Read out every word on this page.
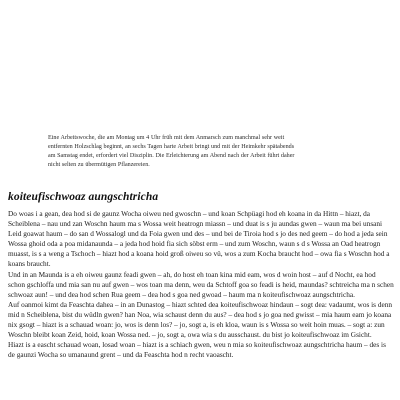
Eine Arbeitswoche, die am Montag um 4 Uhr früh mit dem Anmarsch zum manchmal sehr weit
entfernten Holzschlag beginnt, an sechs Tagen harte Arbeit bringt und mit der Heimkehr spätabends
am Samstag endet, erfordert viel Disziplin. Die Erleichterung am Abend nach der Arbeit führt daher
nicht selten zu übermütigen Pflanzereien.
koiteufischwoaz aungschtricha

Do woas i a gean, dea hod si de gaunz Wocha oiweu ned gwoschn – und koan Schpüagi hod eh koana in da Hittn – hiazt, da Scheiblena – nau und zan Woschn haum ma s Wossa weit heatrogn miassn – und duat is s ju aundas gwen – waun ma bei unsani Leid goawat haum – do san d Wossalogl und da Foia gwen und des – und bei de Tiroia hod s jo des ned geem – do hod a jeda sein Wossa ghoid oda a poa midanaunda – a jeda hod hoid fia sich söbst erm – und zum Woschn, waun s d s Wossa an Oad heatrogn muasst, is s a weng a Tschoch – hiazt hod a koana hoid groß oiweu so vü, wos a zum Kocha braucht hod – owa fia s Woschn hod a koans braucht.

Und in an Maunda is a eh oiweu gaunz feadi gwen – ah, do host eh toan kina mid eam, wos d woin host – auf d Nocht, ea hod schon gschloffa und mia san nu auf gwen – wos toan ma denn, weu da Schtoff goa so feadi is heid, maundas? schtreicha ma n schen schwoaz aun! – und dea hod schen Rua geem – dea hod s goa ned gwoad – haum ma n koiteufischwoaz aungschtricha.

Auf oanmoi kimt da Feaschta dahea – in an Dunastog – hiazt schted dea koiteufischwoaz hindaun – sogt dea: vadaumt, wos is denn mid n Scheiblena, bist du wüdln gwen? han Noa, wia schaust denn du aus? – dea hod s jo goa ned gwisst – mia haum eam jo koana nix gsogt – hiazt is a schauad woan: jo, wos is denn los? – jo, sogt a, is eh kloa, waun is s Wossa so weit hoin muas. – sogt a: zun Woschn bleibt koan Zeid, hoid, koan Wossa ned. – jo, sogt a, owa wia s du ausschaust. du bist jo koiteufischwoaz im Gsicht.

Hiazt is a eascht schauad woan, losad woan – hiazt is a schiach gwen, weu n mia so koiteufischwoaz aungschtricha haum – des is de gaunzi Wocha so umanaund grent – und da Feaschta hod n recht vaoascht.
